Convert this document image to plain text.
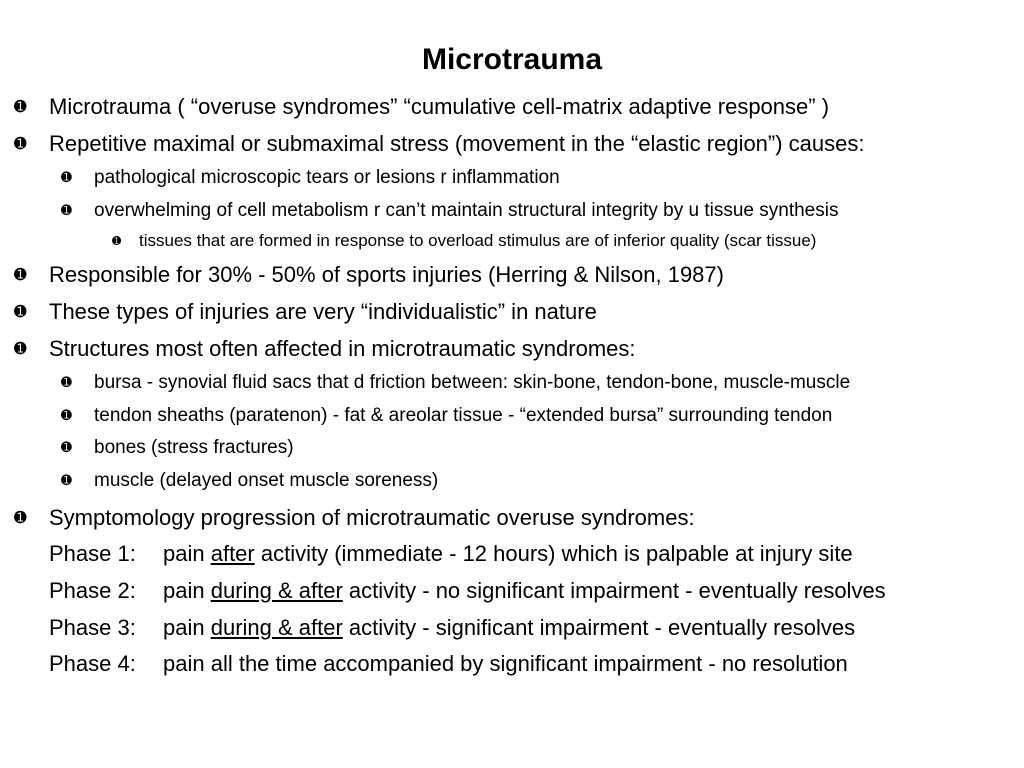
Microtrauma
➊ Microtrauma ( “overuse syndromes” “cumulative cell-matrix adaptive response” )
➊ Repetitive maximal or submaximal stress (movement in the “elastic region”) causes:
➊ pathological microscopic tears or lesions r inflammation
➊ overwhelming of cell metabolism r can’t maintain structural integrity by u tissue synthesis
➊ tissues that are formed in response to overload stimulus are of inferior quality (scar tissue)
➊ Responsible for 30% - 50% of sports injuries (Herring & Nilson, 1987)
➊ These types of injuries are very “individualistic” in nature
➊ Structures most often affected in microtraumatic syndromes:
➊ bursa - synovial fluid sacs that d friction between: skin-bone, tendon-bone, muscle-muscle
➊ tendon sheaths (paratenon) - fat & areolar tissue - “extended bursa” surrounding tendon
➊ bones (stress fractures)
➊ muscle (delayed onset muscle soreness)
➊ Symptomology progression of microtraumatic overuse syndromes:
Phase 1: pain after activity (immediate - 12 hours) which is palpable at injury site
Phase 2: pain during & after activity - no significant impairment - eventually resolves
Phase 3: pain during & after activity - significant impairment - eventually resolves
Phase 4: pain all the time accompanied by significant impairment - no resolution
